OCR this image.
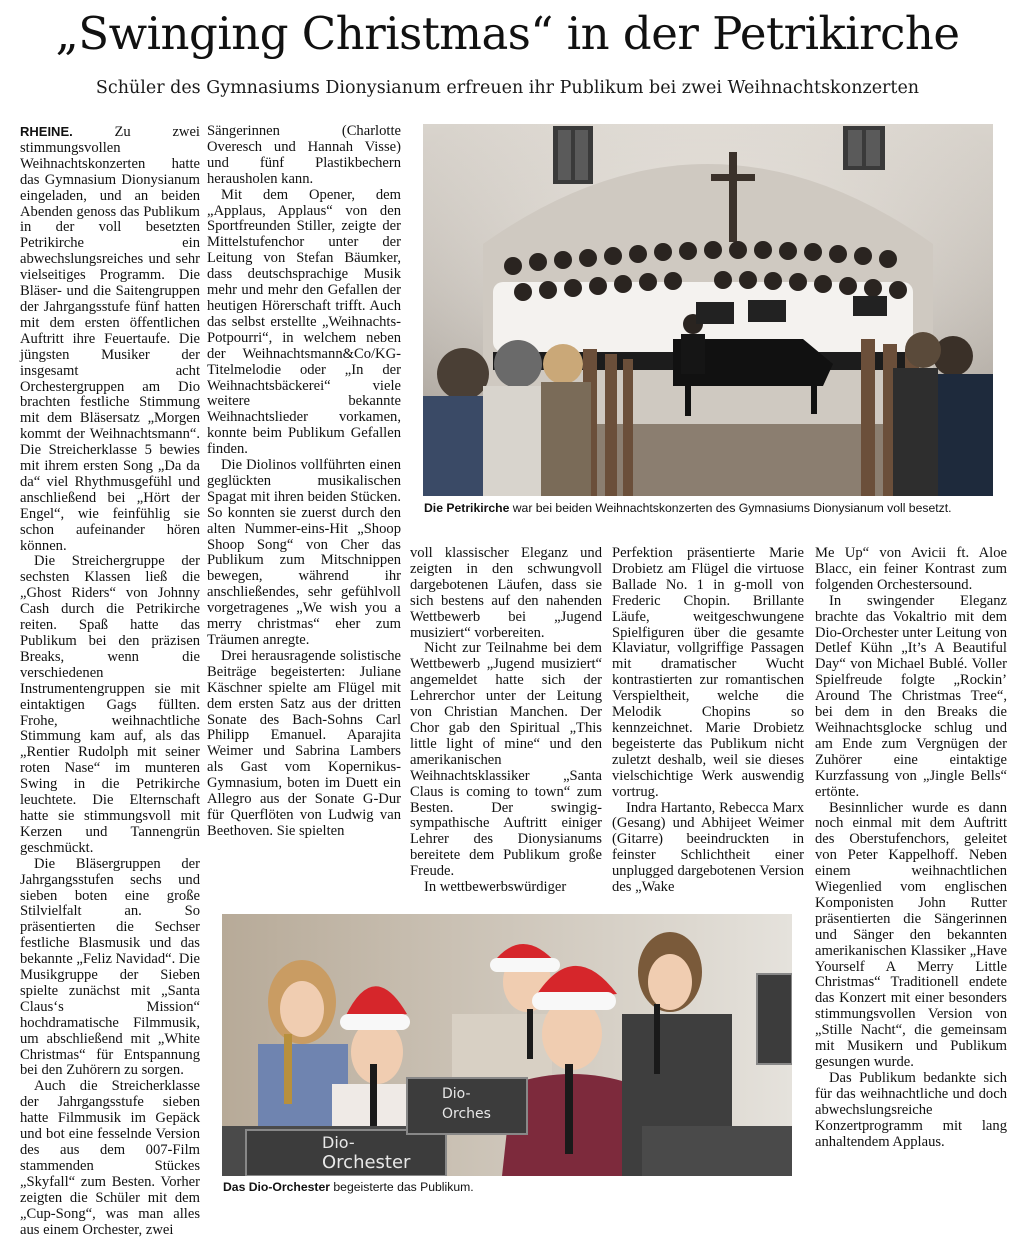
„Swinging Christmas“ in der Petrikirche
Schüler des Gymnasiums Dionysianum erfreuen ihr Publikum bei zwei Weihnachtskonzerten

RHEINE.	Zu zwei stimmungsvollen Weihnachtskonzerten hatte das Gymnasium Dionysianum eingeladen, und an beiden Abenden genoss das Publikum in der voll besetzten Petrikirche ein abwechslungsreiches und sehr vielseitiges Programm. Die Bläser- und die Saitengruppen der Jahrgangsstufe fünf hatten mit dem ersten öffentlichen Auftritt ihre Feuertaufe. Die jüngsten Musiker der insgesamt acht Orchestergruppen am Dio brachten festliche Stimmung mit dem Bläsersatz „Morgen kommt der Weihnachtsmann“. Die Streicherklasse 5 bewies mit ihrem ersten Song „Da da da“ viel Rhythmusgefühl und anschließend bei „Hört der Engel“, wie feinfühlig sie schon aufeinander hören können.

Die Streichergruppe der sechsten Klassen ließ die „Ghost Riders“ von Johnny Cash durch die Petrikirche reiten. Spaß hatte das Publikum bei den präzisen Breaks, wenn die verschiedenen Instrumentengruppen sie mit eintaktigen Gags füllten. Frohe, weihnachtliche Stimmung kam auf, als das „Rentier Rudolph mit seiner roten Nase“ im munteren Swing in die Petrikirche leuchtete. Die Elternschaft hatte sie stimmungsvoll mit Kerzen und Tannengrün geschmückt.

Die Bläsergruppen der Jahrgangsstufen sechs und sieben boten eine große Stilvielfalt an. So präsentierten die Sechser festliche Blasmusik und das bekannte „Feliz Navidad“. Die Musikgruppe der Sieben spielte zunächst mit „Santa Claus‘s Mission“ hochdramatische Filmmusik, um abschließend mit „White Christmas“ für Entspannung bei den Zuhörern zu sorgen.

Auch die Streicherklasse der Jahrgangsstufe sieben hatte Filmmusik im Gepäck und bot eine fesselnde Version des aus dem 007-Film stammenden Stückes „Skyfall“ zum Besten. Vorher zeigten die Schüler mit dem „Cup-Song“, was man alles aus einem Orchester, zwei

Sängerinnen (Charlotte Overesch und Hannah Visse) und fünf Plastikbechern herausholen kann.

Mit dem Opener, dem „Applaus, Applaus“ von den Sportfreunden Stiller, zeigte der Mittelstufenchor unter der Leitung von Stefan Bäumker, dass deutschsprachige Musik mehr und mehr den Gefallen der heutigen Hörerschaft trifft. Auch das selbst erstellte „Weihnachts-Potpourri“, in welchem neben der Weihnachtsmann&Co/KG-Titelmelodie oder „In der Weihnachtsbäckerei“ viele weitere bekannte Weihnachtslieder vorkamen, konnte beim Publikum Gefallen finden.

Die Diolinos vollführten einen geglückten musikalischen Spagat mit ihren beiden Stücken. So konnten sie zuerst durch den alten Nummer-eins-Hit „Shoop Shoop Song“ von Cher das Publikum zum Mitschnippen bewegen, während ihr anschließendes, sehr gefühlvoll vorgetragenes „We wish you a merry christmas“ eher zum Träumen anregte.

Drei herausragende solistische Beiträge begeisterten: Juliane Käschner spielte am Flügel mit dem ersten Satz aus der dritten Sonate des Bach-Sohns Carl Philipp Emanuel. Aparajita Weimer und Sabrina Lambers als Gast vom Kopernikus-Gymnasium, boten im Duett ein Allegro aus der Sonate G-Dur für Querflöten von Ludwig van Beethoven. Sie spielten

Die Petrikirche war bei beiden Weihnachtskonzerten des Gymnasiums Dionysianum voll besetzt.

voll klassischer Eleganz und zeigten in den schwungvoll dargebotenen Läufen, dass sie sich bestens auf den nahenden Wettbewerb bei „Jugend musiziert“ vorbereiten.

Nicht zur Teilnahme bei dem Wettbewerb „Jugend musiziert“ angemeldet hatte sich der Lehrerchor unter der Leitung von Christian Manchen. Der Chor gab den Spiritual „This little light of mine“ und den amerikanischen Weihnachtsklassiker „Santa Claus is coming to town“ zum Besten. Der swingig-sympathische Auftritt einiger Lehrer des Dionysianums bereitete dem Publikum große Freude.

In wettbewerbswürdiger

Perfektion präsentierte Marie Drobietz am Flügel die virtuose Ballade No. 1 in g-moll von Frederic Chopin. Brillante Läufe, weitgeschwungene Spielfiguren über die gesamte Klaviatur, vollgriffige Passagen mit dramatischer Wucht kontrastierten zur romantischen Verspieltheit, welche die Melodik Chopins so kennzeichnet. Marie Drobietz begeisterte das Publikum nicht zuletzt deshalb, weil sie dieses vielschichtige Werk auswendig vortrug.

Indra Hartanto, Rebecca Marx (Gesang) und Abhijeet Weimer (Gitarre) beeindruckten in feinster Schlichtheit einer unplugged dargebotenen Version des „Wake

Me Up“ von Avicii ft. Aloe Blacc, ein feiner Kontrast zum folgenden Orchestersound.

In swingender Eleganz brachte das Vokaltrio mit dem Dio-Orchester unter Leitung von Detlef Kühn „It’s A Beautiful Day“ von Michael Bublé. Voller Spielfreude folgte „Rockin’ Around The Christmas Tree“, bei dem in den Breaks die Weihnachtsglocke schlug und am Ende zum Vergnügen der Zuhörer eine eintaktige Kurzfassung von „Jingle Bells“ ertönte.

Besinnlicher wurde es dann noch einmal mit dem Auftritt des Oberstufenchors, geleitet von Peter Kappelhoff. Neben einem weihnachtlichen Wiegenlied vom englischen Komponisten John Rutter präsentierten die Sängerinnen und Sänger den bekannten amerikanischen Klassiker „Have Yourself A Merry Little Christmas“ Traditionell endete das Konzert mit einer besonders stimmungsvollen Version von „Stille Nacht“, die gemeinsam mit Musikern und Publikum gesungen wurde.

Das Publikum bedankte sich für das weihnachtliche und doch abwechslungsreiche Konzertprogramm mit lang anhaltendem Applaus.

Dio-
Orchester
Dio-
Orches
Das Dio-Orchester begeisterte das Publikum.
